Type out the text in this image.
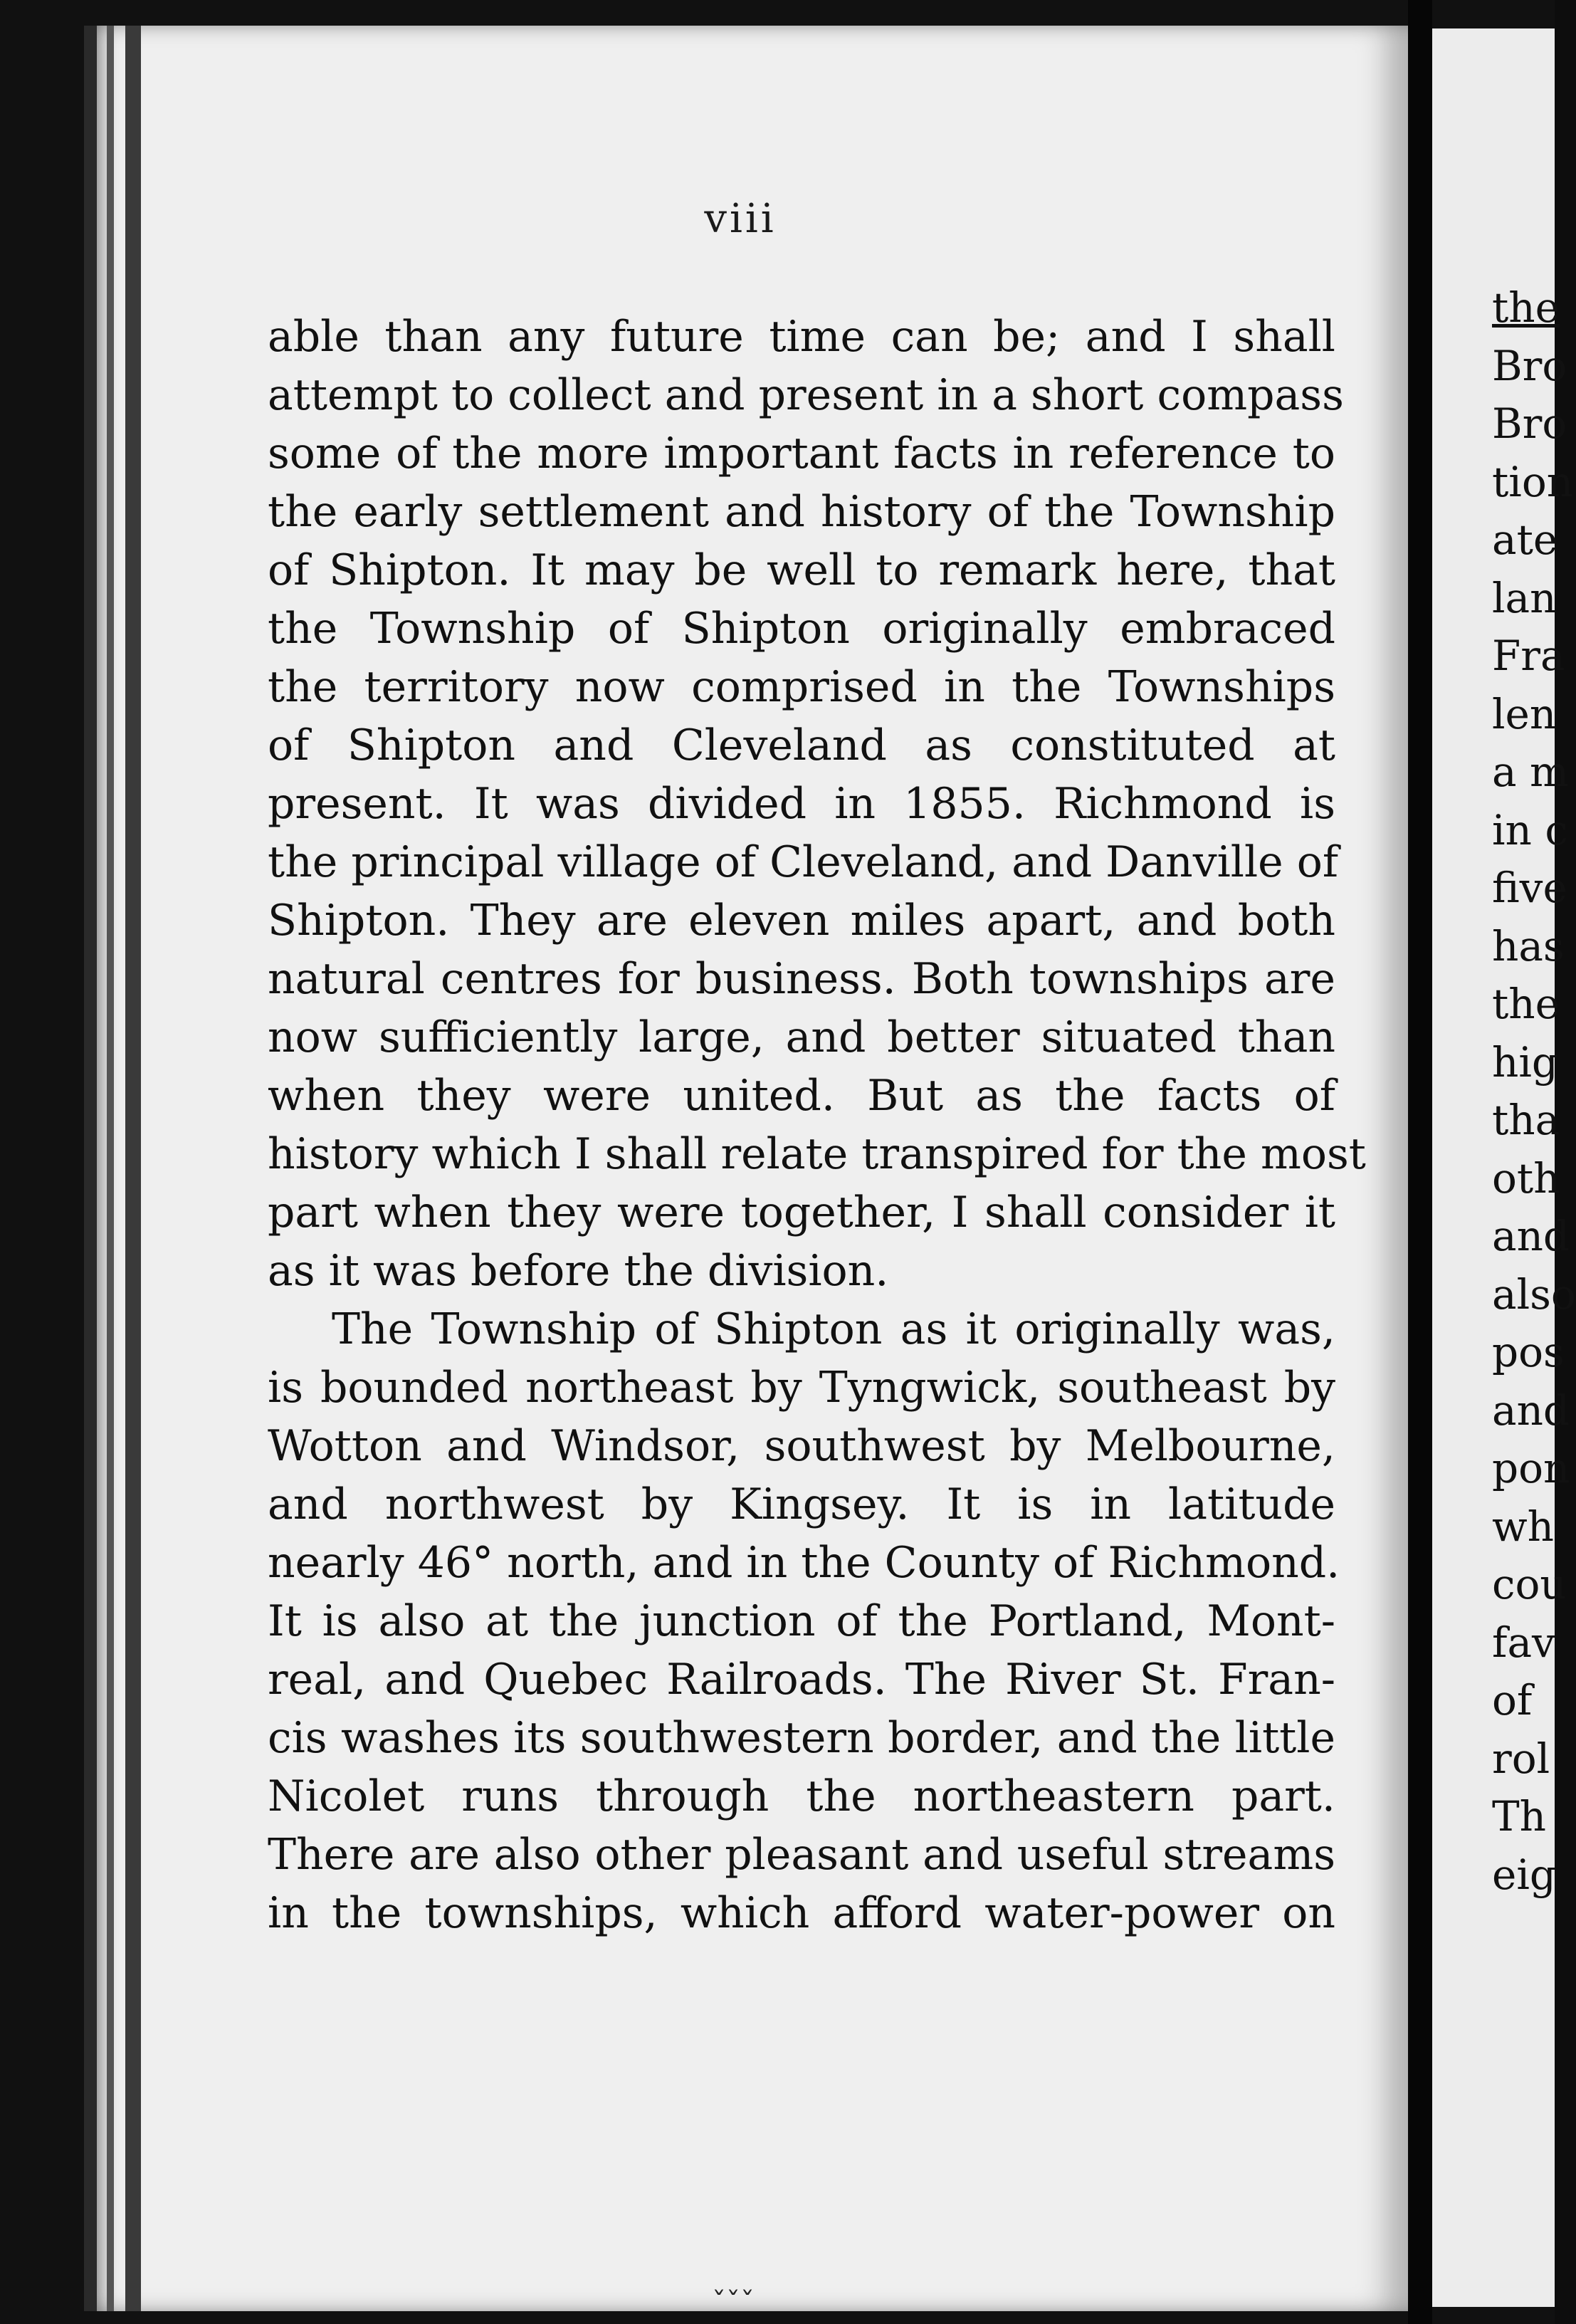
viii
able than any future time can be; and I shall
attempt to collect and present in a short compass
some of the more important facts in reference to
the early settlement and history of the Township
of Shipton. It may be well to remark here, that
the Township of Shipton originally embraced
the territory now comprised in the Townships
of Shipton and Cleveland as constituted at
present. It was divided in 1855. Richmond is
the principal village of Cleveland, and Danville of
Shipton. They are eleven miles apart, and both
natural centres for business. Both townships are
now sufficiently large, and better situated than
when they were united. But as the facts of
history which I shall relate transpired for the most
part when they were together, I shall consider it
as it was before the division.
The Township of Shipton as it originally was,
is bounded northeast by Tyngwick, southeast by
Wotton and Windsor, southwest by Melbourne,
and northwest by Kingsey. It is in latitude
nearly 46° north, and in the County of Richmond.
It is also at the junction of the Portland, Mont-
real, and Quebec Railroads. The River St. Fran-
cis washes its southwestern border, and the little
Nicolet runs through the northeastern part.
There are also other pleasant and useful streams
in the townships, which afford water-power on
the
Bro
Bro
tion
ate
lan
Fra
len
a m
in c
five
has
the
hig
tha
oth
and
also
pos
and
pon
wh
cou
fav
of
rol
Th
eig
ˇˇˇ
